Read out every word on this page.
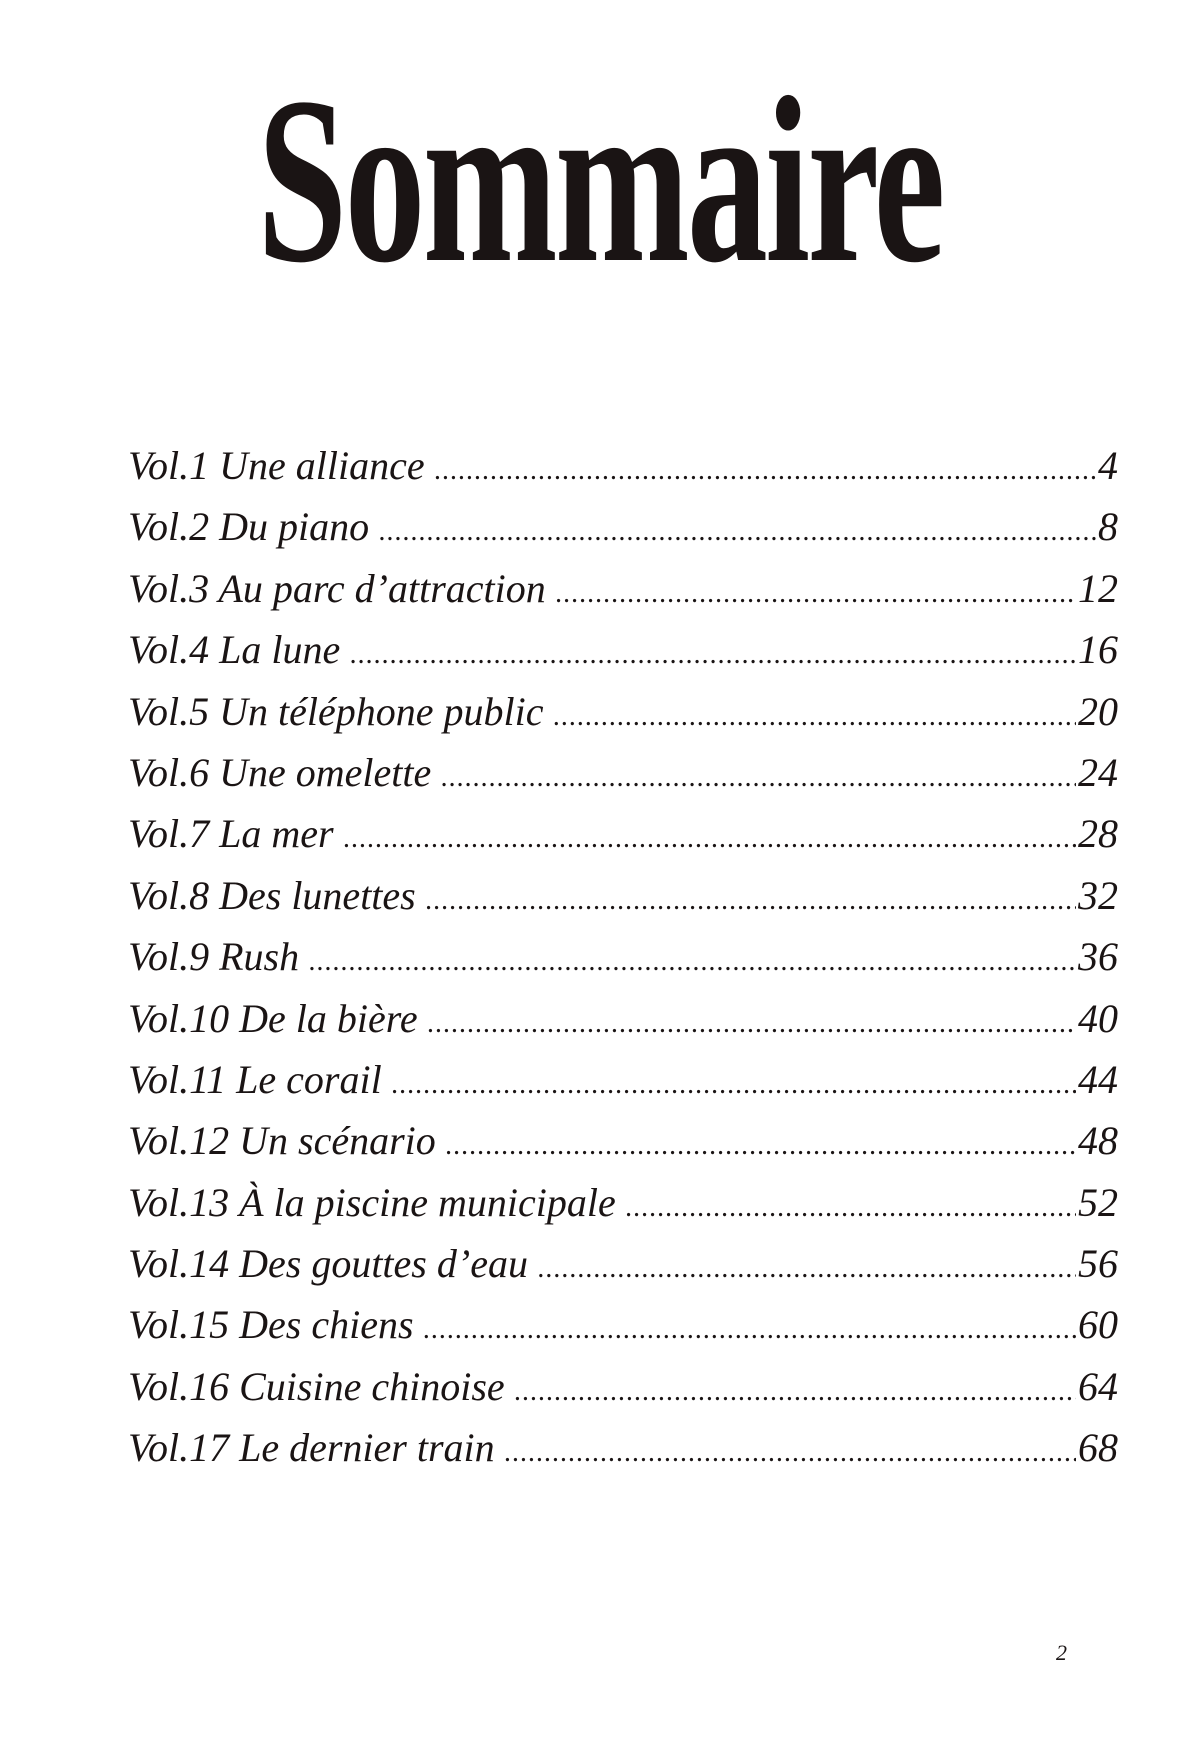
Sommaire
Vol.1 Une alliance .....	4
Vol.2 Du piano .....	8
Vol.3 Au parc d’attraction .....	12
Vol.4 La lune .....	16
Vol.5 Un téléphone public .....	20
Vol.6 Une omelette .....	24
Vol.7 La mer .....	28
Vol.8 Des lunettes .....	32
Vol.9 Rush .....	36
Vol.10 De la bière .....	40
Vol.11 Le corail .....	44
Vol.12 Un scénario .....	48
Vol.13 À la piscine municipale .....	52
Vol.14 Des gouttes d’eau .....	56
Vol.15 Des chiens .....	60
Vol.16 Cuisine chinoise .....	64
Vol.17 Le dernier train .....	68
2
